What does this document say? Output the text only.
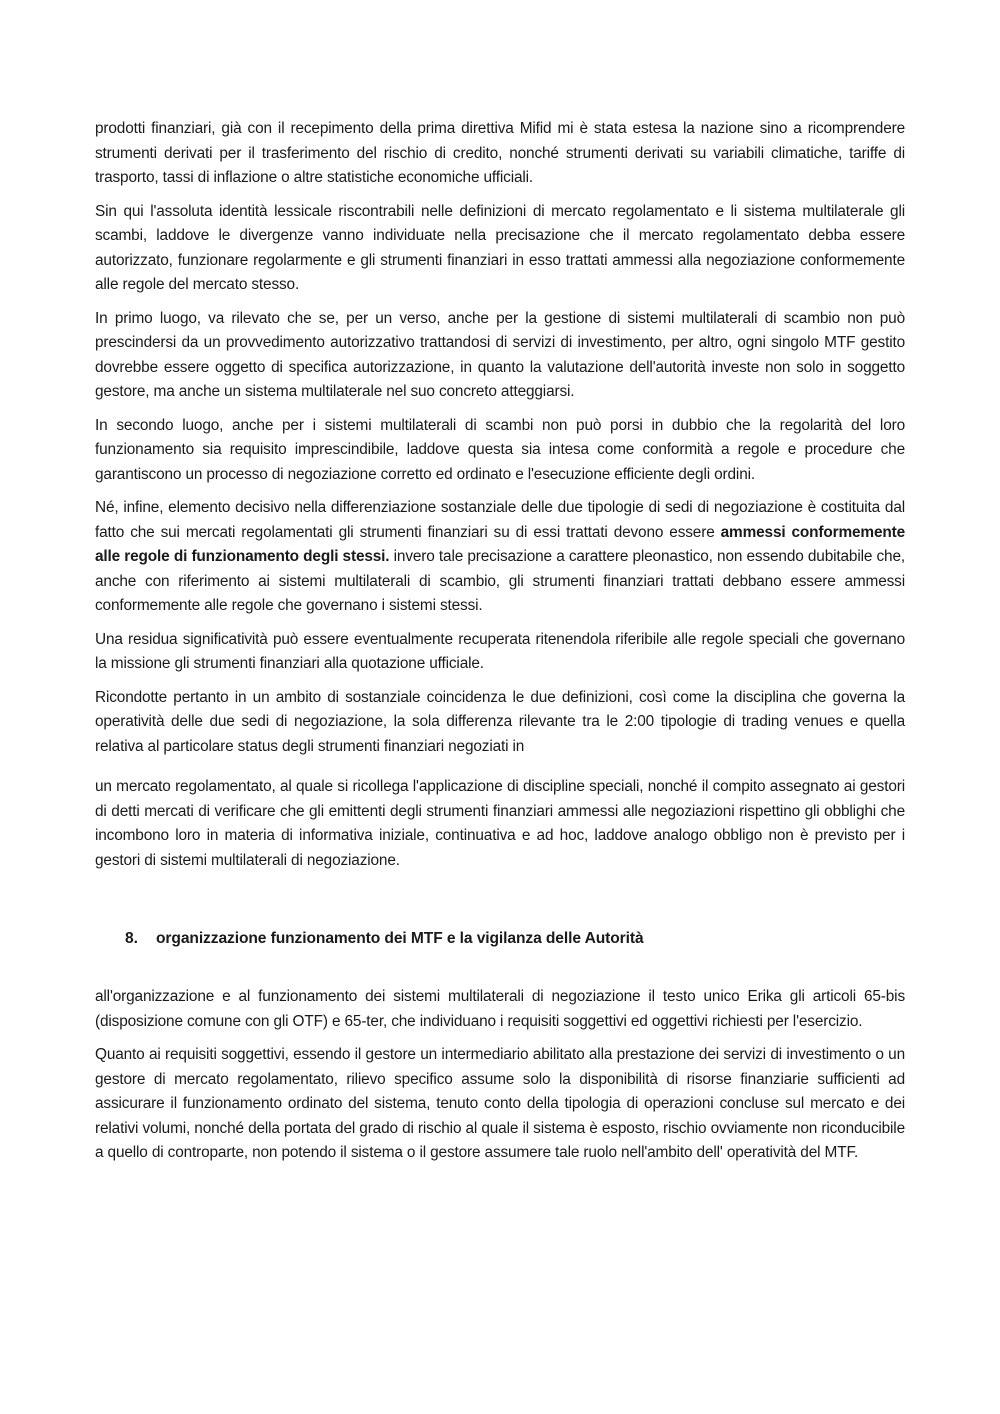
prodotti finanziari, già con il recepimento della prima direttiva Mifid mi è stata estesa la nazione sino a ricomprendere strumenti derivati per il trasferimento del rischio di credito, nonché strumenti derivati su variabili climatiche, tariffe di trasporto, tassi di inflazione o altre statistiche economiche ufficiali.

Sin qui l'assoluta identità lessicale riscontrabili nelle definizioni di mercato regolamentato e li sistema multilaterale gli scambi, laddove le divergenze vanno individuate nella precisazione che il mercato regolamentato debba essere autorizzato, funzionare regolarmente e gli strumenti finanziari in esso trattati ammessi alla negoziazione conformemente alle regole del mercato stesso.

In primo luogo, va rilevato che se, per un verso, anche per la gestione di sistemi multilaterali di scambio non può prescindersi da un provvedimento autorizzativo trattandosi di servizi di investimento, per altro, ogni singolo MTF gestito dovrebbe essere oggetto di specifica autorizzazione, in quanto la valutazione dell'autorità investe non solo in soggetto gestore, ma anche un sistema multilaterale nel suo concreto atteggiarsi.

In secondo luogo, anche per i sistemi multilaterali di scambi non può porsi in dubbio che la regolarità del loro funzionamento sia requisito imprescindibile, laddove questa sia intesa come conformità a regole e procedure che garantiscono un processo di negoziazione corretto ed ordinato e l'esecuzione efficiente degli ordini.

Né, infine, elemento decisivo nella differenziazione sostanziale delle due tipologie di sedi di negoziazione è costituita dal fatto che sui mercati regolamentati gli strumenti finanziari su di essi trattati devono essere ammessi conformemente alle regole di funzionamento degli stessi. invero tale precisazione a carattere pleonastico, non essendo dubitabile che, anche con riferimento ai sistemi multilaterali di scambio, gli strumenti finanziari trattati debbano essere ammessi conformemente alle regole che governano i sistemi stessi.

Una residua significatività può essere eventualmente recuperata ritenendola riferibile alle regole speciali che governano la missione gli strumenti finanziari alla quotazione ufficiale.

Ricondotte pertanto in un ambito di sostanziale coincidenza le due definizioni, così come la disciplina che governa la operatività delle due sedi di negoziazione, la sola differenza rilevante tra le 2:00 tipologie di trading venues e quella relativa al particolare status degli strumenti finanziari negoziati in

un mercato regolamentato, al quale si ricollega l'applicazione di discipline speciali, nonché il compito assegnato ai gestori di detti mercati di verificare che gli emittenti degli strumenti finanziari ammessi alle negoziazioni rispettino gli obblighi che incombono loro in materia di informativa iniziale, continuativa e ad hoc, laddove analogo obbligo non è previsto per i gestori di sistemi multilaterali di negoziazione.

8. organizzazione funzionamento dei MTF e la vigilanza delle Autorità

all'organizzazione e al funzionamento dei sistemi multilaterali di negoziazione il testo unico Erika gli articoli 65-bis (disposizione comune con gli OTF) e 65-ter, che individuano i requisiti soggettivi ed oggettivi richiesti per l'esercizio.

Quanto ai requisiti soggettivi, essendo il gestore un intermediario abilitato alla prestazione dei servizi di investimento o un gestore di mercato regolamentato, rilievo specifico assume solo la disponibilità di risorse finanziarie sufficienti ad assicurare il funzionamento ordinato del sistema, tenuto conto della tipologia di operazioni concluse sul mercato e dei relativi volumi, nonché della portata del grado di rischio al quale il sistema è esposto, rischio ovviamente non riconducibile a quello di controparte, non potendo il sistema o il gestore assumere tale ruolo nell'ambito dell' operatività del MTF.
